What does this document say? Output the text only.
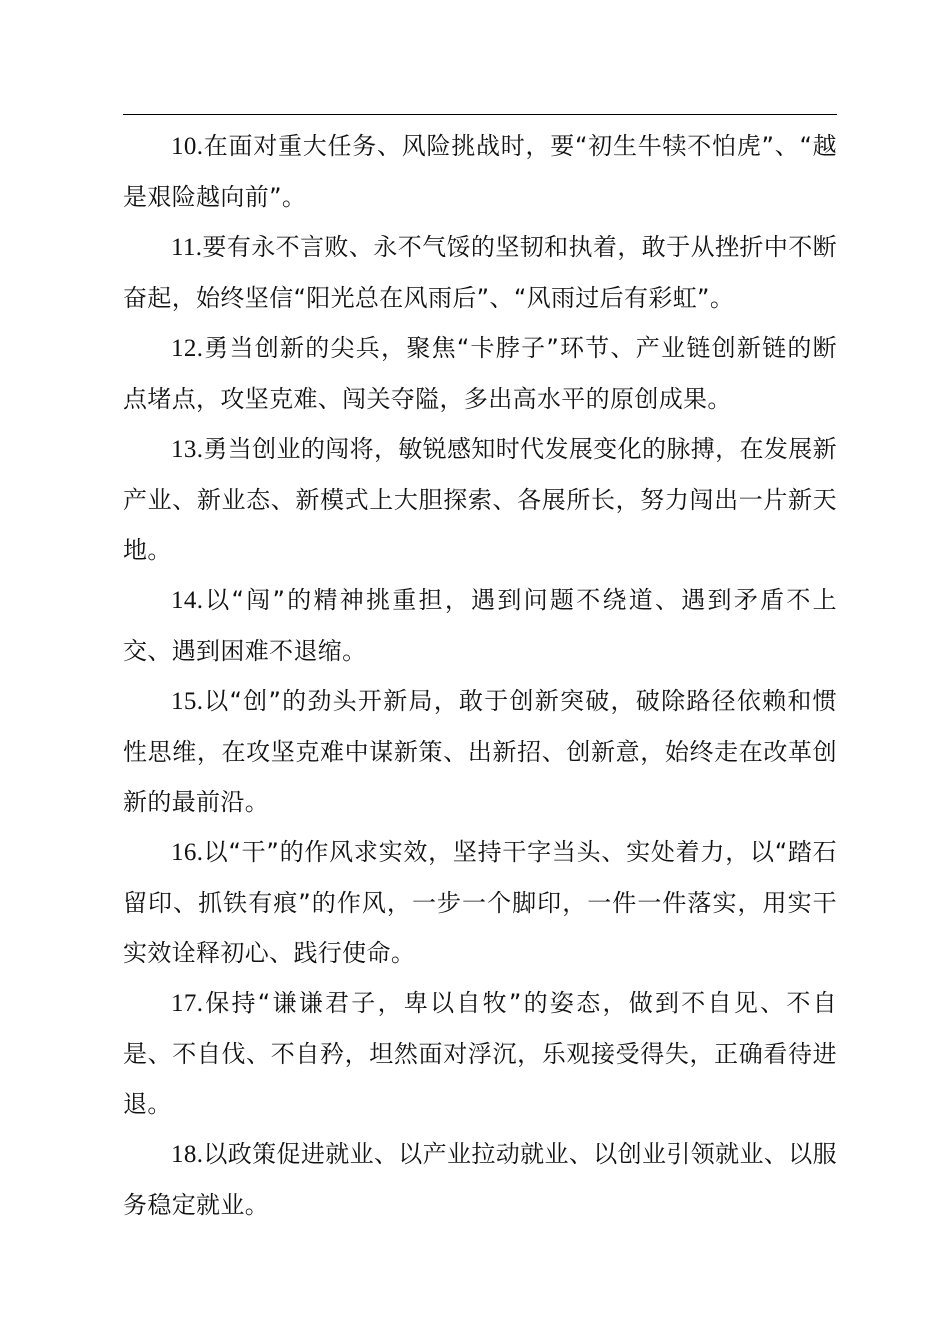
10.在面对重大任务、风险挑战时，要“初生牛犊不怕虎”、“越是艰险越向前”。

11.要有永不言败、永不气馁的坚韧和执着，敢于从挫折中不断奋起，始终坚信“阳光总在风雨后”、“风雨过后有彩虹”。

12.勇当创新的尖兵，聚焦“卡脖子”环节、产业链创新链的断点堵点，攻坚克难、闯关夺隘，多出高水平的原创成果。

13.勇当创业的闯将，敏锐感知时代发展变化的脉搏，在发展新产业、新业态、新模式上大胆探索、各展所长，努力闯出一片新天地。

14.以“闯”的精神挑重担，遇到问题不绕道、遇到矛盾不上交、遇到困难不退缩。

15.以“创”的劲头开新局，敢于创新突破，破除路径依赖和惯性思维，在攻坚克难中谋新策、出新招、创新意，始终走在改革创新的最前沿。

16.以“干”的作风求实效，坚持干字当头、实处着力，以“踏石留印、抓铁有痕”的作风，一步一个脚印，一件一件落实，用实干实效诠释初心、践行使命。

17.保持“谦谦君子，卑以自牧”的姿态，做到不自见、不自是、不自伐、不自矜，坦然面对浮沉，乐观接受得失，正确看待进退。

18.以政策促进就业、以产业拉动就业、以创业引领就业、以服务稳定就业。
